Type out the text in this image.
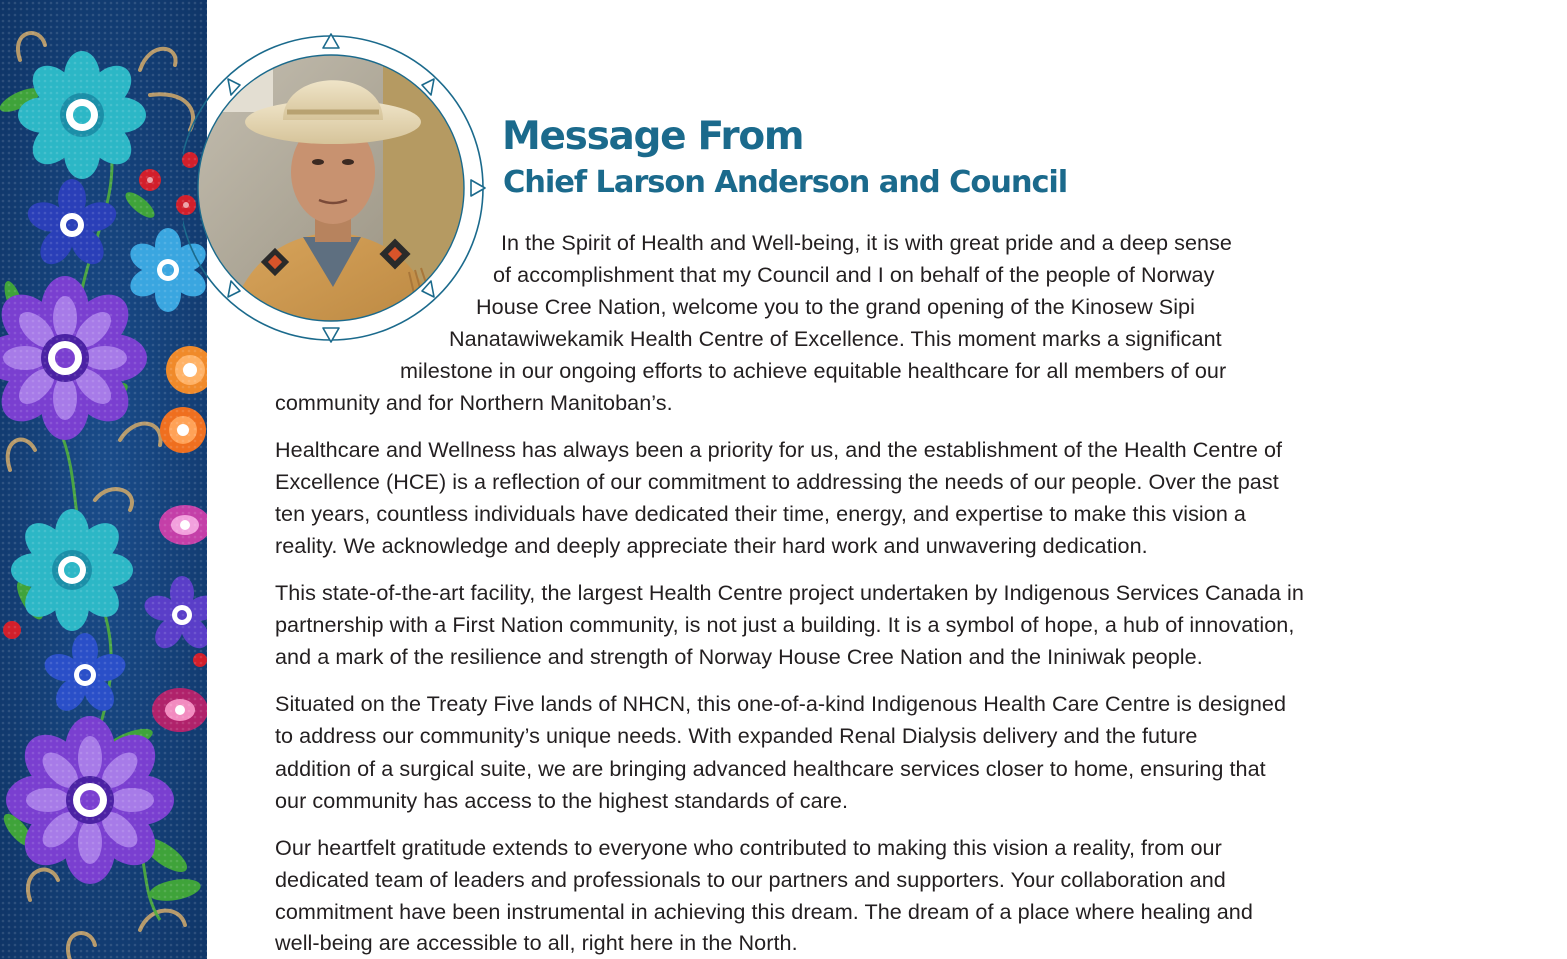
Message From
Chief Larson Anderson and Council

In the Spirit of Health and Well-being, it is with great pride and a deep sense

of accomplishment that my Council and I on behalf of the people of Norway

House Cree Nation, welcome you to the grand opening of the Kinosew Sipi

Nanatawiwekamik Health Centre of Excellence. This moment marks a significant

milestone in our ongoing efforts to achieve equitable healthcare for all members of our

community and for Northern Manitoban’s.

Healthcare and Wellness has always been a priority for us, and the establishment of the Health Centre of

Excellence (HCE) is a reflection of our commitment to addressing the needs of our people. Over the past

ten years, countless individuals have dedicated their time, energy, and expertise to make this vision a

reality. We acknowledge and deeply appreciate their hard work and unwavering dedication.

This state-of-the-art facility, the largest Health Centre project undertaken by Indigenous Services Canada in

partnership with a First Nation community, is not just a building. It is a symbol of hope, a hub of innovation,

and a mark of the resilience and strength of Norway House Cree Nation and the Ininiwak people.

Situated on the Treaty Five lands of NHCN, this one-of-a-kind Indigenous Health Care Centre is designed

to address our community’s unique needs. With expanded Renal Dialysis delivery and the future

addition of a surgical suite, we are bringing advanced healthcare services closer to home, ensuring that

our community has access to the highest standards of care.

Our heartfelt gratitude extends to everyone who contributed to making this vision a reality, from our

dedicated team of leaders and professionals to our partners and supporters. Your collaboration and

commitment have been instrumental in achieving this dream. The dream of a place where healing and

well-being are accessible to all, right here in the North.
